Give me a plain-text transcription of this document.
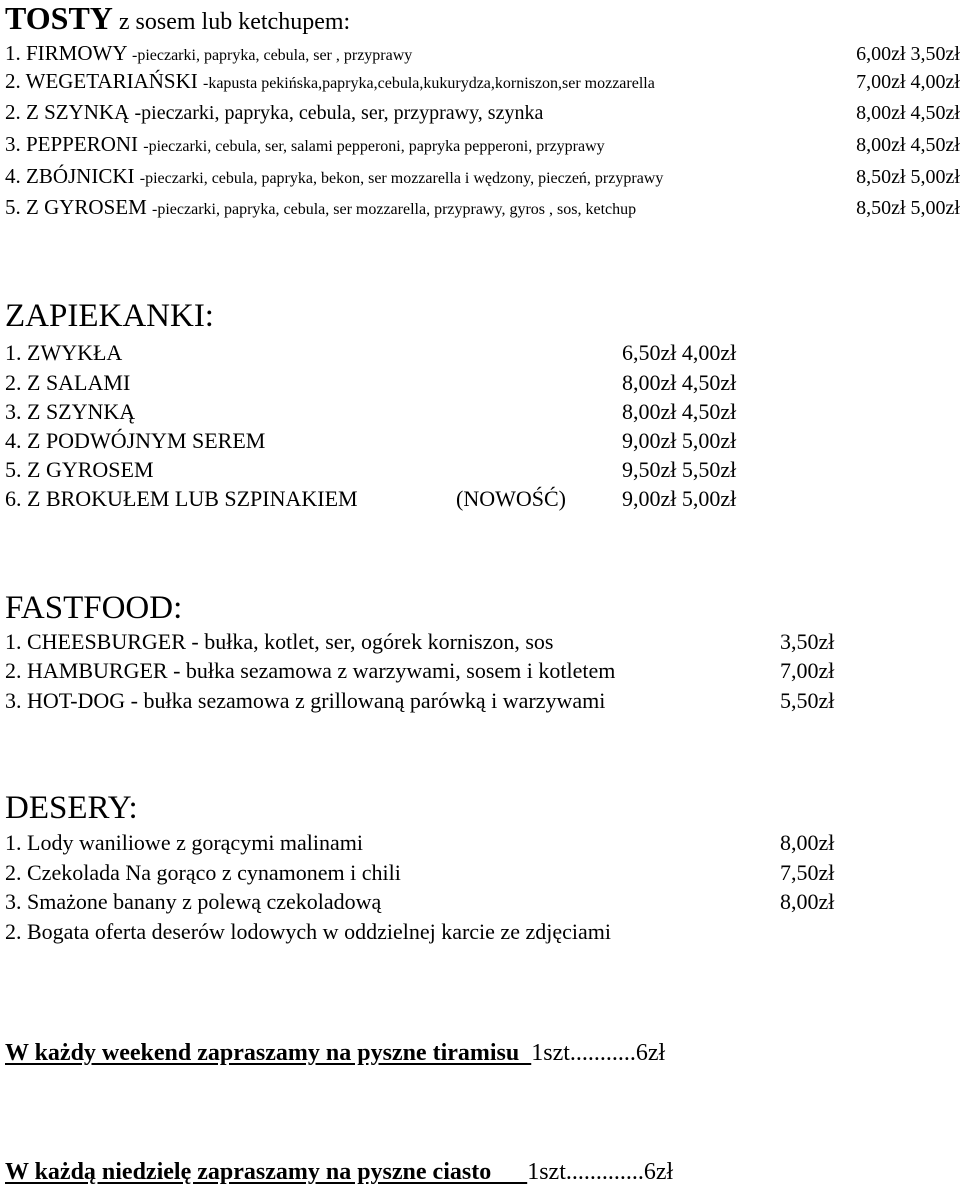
TOSTY z sosem lub ketchupem:
1. FIRMOWY -pieczarki, papryka, cebula, ser , przyprawy	6,00zł 3,50zł
2. WEGETARIAŃSKI -kapusta pekińska,papryka,cebula,kukurydza,korniszon,ser mozzarella	7,00zł 4,00zł
2. Z SZYNKĄ -pieczarki, papryka, cebula, ser, przyprawy, szynka	8,00zł 4,50zł
3. PEPPERONI -pieczarki, cebula, ser, salami pepperoni, papryka pepperoni, przyprawy	8,00zł 4,50zł
4. ZBÓJNICKI -pieczarki, cebula, papryka, bekon, ser mozzarella i wędzony, pieczeń, przyprawy	8,50zł 5,00zł
5. Z GYROSEM -pieczarki, papryka, cebula, ser mozzarella, przyprawy, gyros , sos, ketchup	8,50zł 5,00zł
ZAPIEKANKI:
1. ZWYKŁA	6,50zł 4,00zł
2. Z SALAMI	8,00zł 4,50zł
3. Z SZYNKĄ	8,00zł 4,50zł
4. Z PODWÓJNYM SEREM	9,00zł 5,00zł
5. Z GYROSEM	9,50zł 5,50zł
6. Z BROKUŁEM LUB SZPINAKIEM	(NOWOŚĆ)	9,00zł 5,00zł
FASTFOOD:
1. CHEESBURGER - bułka, kotlet, ser, ogórek korniszon, sos	3,50zł
2. HAMBURGER - bułka sezamowa z warzywami, sosem i kotletem	7,00zł
3. HOT-DOG - bułka sezamowa z grillowaną parówką i warzywami	5,50zł
DESERY:
1. Lody waniliowe z gorącymi malinami	8,00zł
2. Czekolada Na gorąco z cynamonem i chili	7,50zł
3. Smażone banany z polewą czekoladową	8,00zł
2. Bogata oferta deserów lodowych w oddzielnej karcie ze zdjęciami
W każdy weekend zapraszamy na pyszne tiramisu  1szt...........6zł
W każdą niedzielę zapraszamy na pyszne ciasto      1szt.............6zł
